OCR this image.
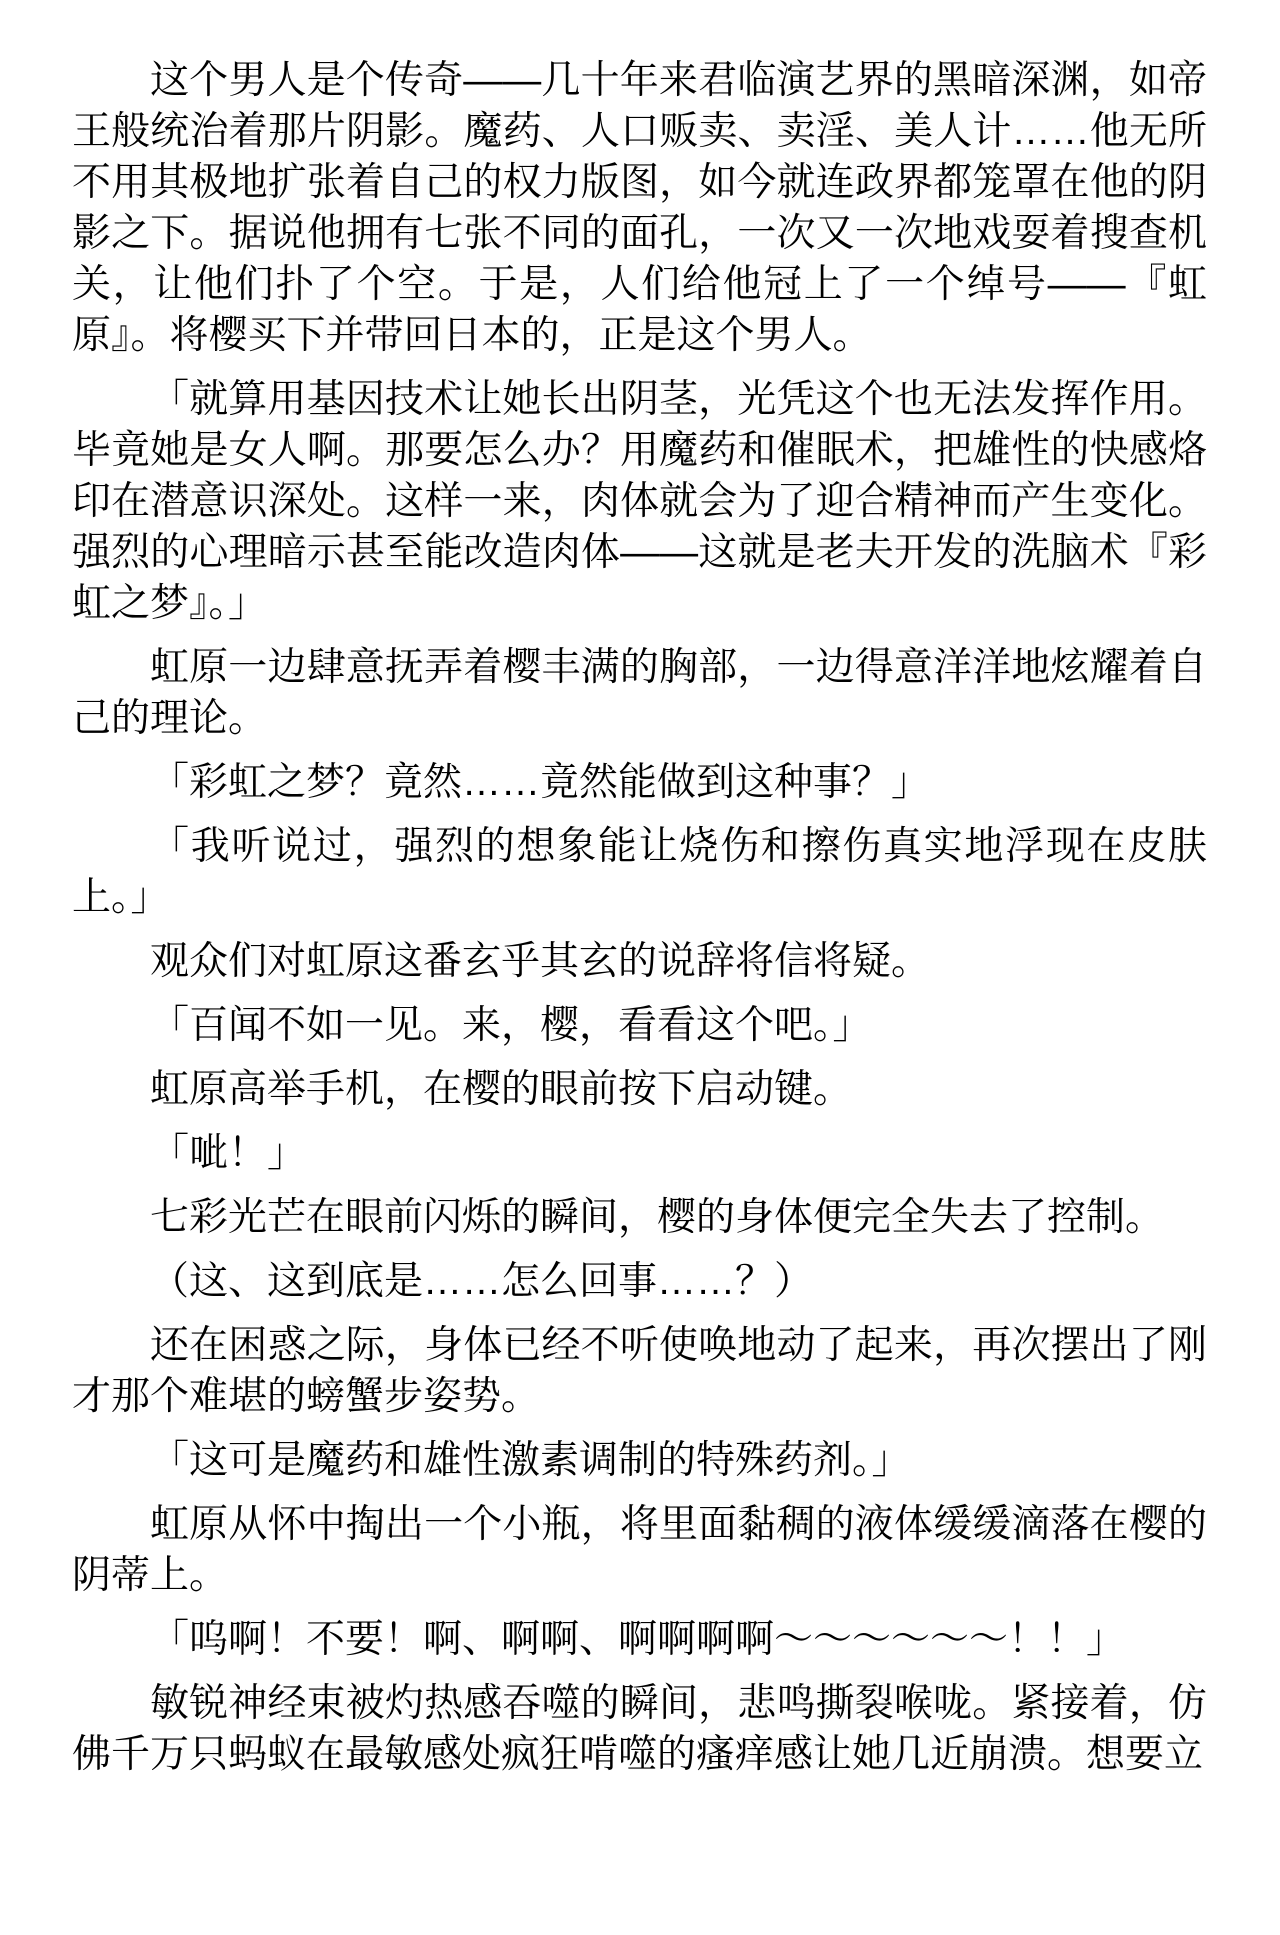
这个男人是个传奇——几十年来君临演艺界的黑暗深渊，如帝王般统治着那片阴影。魔药、人口贩卖、卖淫、美人计……他无所不用其极地扩张着自己的权力版图，如今就连政界都笼罩在他的阴影之下。据说他拥有七张不同的面孔，一次又一次地戏耍着搜查机关，让他们扑了个空。于是，人们给他冠上了一个绰号——『虹原』。将樱买下并带回日本的，正是这个男人。

「就算用基因技术让她长出阴茎，光凭这个也无法发挥作用。毕竟她是女人啊。那要怎么办？用魔药和催眠术，把雄性的快感烙印在潜意识深处。这样一来，肉体就会为了迎合精神而产生变化。强烈的心理暗示甚至能改造肉体——这就是老夫开发的洗脑术『彩虹之梦』。」

虹原一边肆意抚弄着樱丰满的胸部，一边得意洋洋地炫耀着自己的理论。

「彩虹之梦？竟然……竟然能做到这种事？」

「我听说过，强烈的想象能让烧伤和擦伤真实地浮现在皮肤上。」

观众们对虹原这番玄乎其玄的说辞将信将疑。

「百闻不如一见。来，樱，看看这个吧。」

虹原高举手机，在樱的眼前按下启动键。

「呲！」

七彩光芒在眼前闪烁的瞬间，樱的身体便完全失去了控制。

（这、这到底是……怎么回事……？）

还在困惑之际，身体已经不听使唤地动了起来，再次摆出了刚才那个难堪的螃蟹步姿势。

「这可是魔药和雄性激素调制的特殊药剂。」

虹原从怀中掏出一个小瓶，将里面黏稠的液体缓缓滴落在樱的阴蒂上。

「呜啊！不要！啊、啊啊、啊啊啊啊～～～～～～！！」

敏锐神经束被灼热感吞噬的瞬间，悲鸣撕裂喉咙。紧接着，仿佛千万只蚂蚁在最敏感处疯狂啃噬的瘙痒感让她几近崩溃。想要立
